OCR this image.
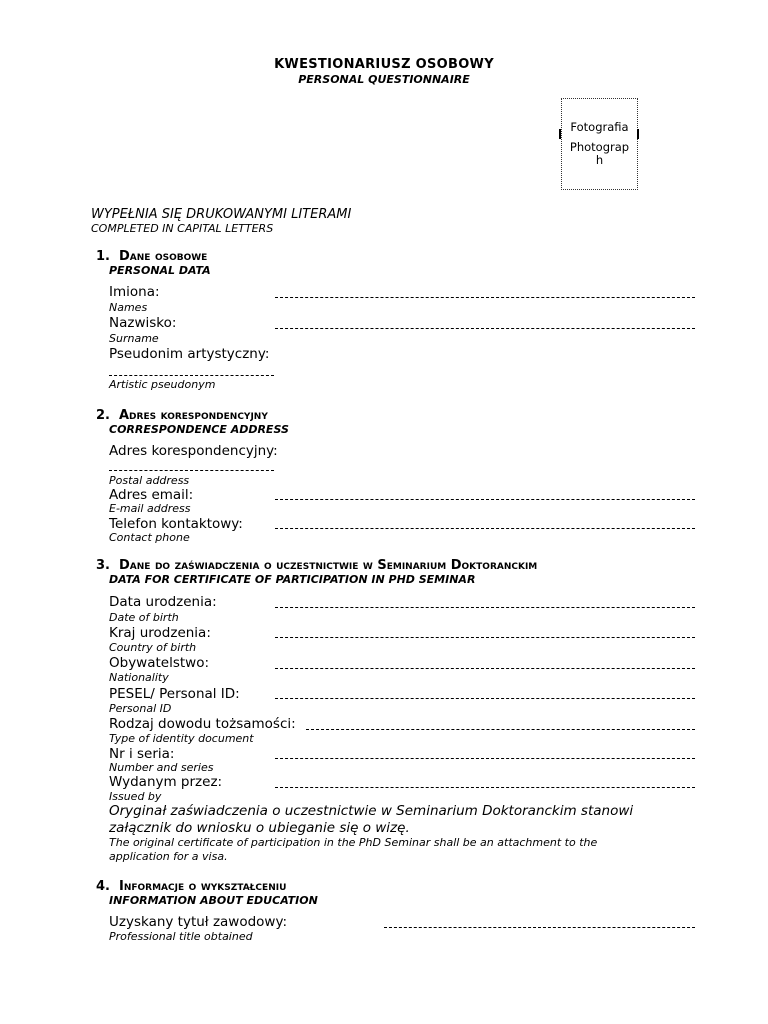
KWESTIONARIUSZ OSOBOWY
PERSONAL QUESTIONNAIRE
Fotografia
Photograph
WYPEŁNIA SIĘ DRUKOWANYMI LITERAMI
COMPLETED IN CAPITAL LETTERS
1. Dane osobowe
PERSONAL DATA
Imiona:
Names
Nazwisko:
Surname
Pseudonim artystyczny:
Artistic pseudonym
2. Adres korespondencyjny
CORRESPONDENCE ADDRESS
Adres korespondencyjny:
Postal address
Adres email:
E-mail address
Telefon kontaktowy:
Contact phone
3. Dane do zaświadczenia o uczestnictwie w Seminarium Doktoranckim
DATA FOR CERTIFICATE OF PARTICIPATION IN PHD SEMINAR
Data urodzenia:
Date of birth
Kraj urodzenia:
Country of birth
Obywatelstwo:
Nationality
PESEL/ Personal ID:
Personal ID
Rodzaj dowodu tożsamości:
Type of identity document
Nr i seria:
Number and series
Wydanym przez:
Issued by
Oryginał zaświadczenia o uczestnictwie w Seminarium Doktoranckim stanowi załącznik do wniosku o ubieganie się o wizę.
The original certificate of participation in the PhD Seminar shall be an attachment to the application for a visa.
4. Informacje o wykształceniu
INFORMATION ABOUT EDUCATION
Uzyskany tytuł zawodowy:
Professional title obtained
